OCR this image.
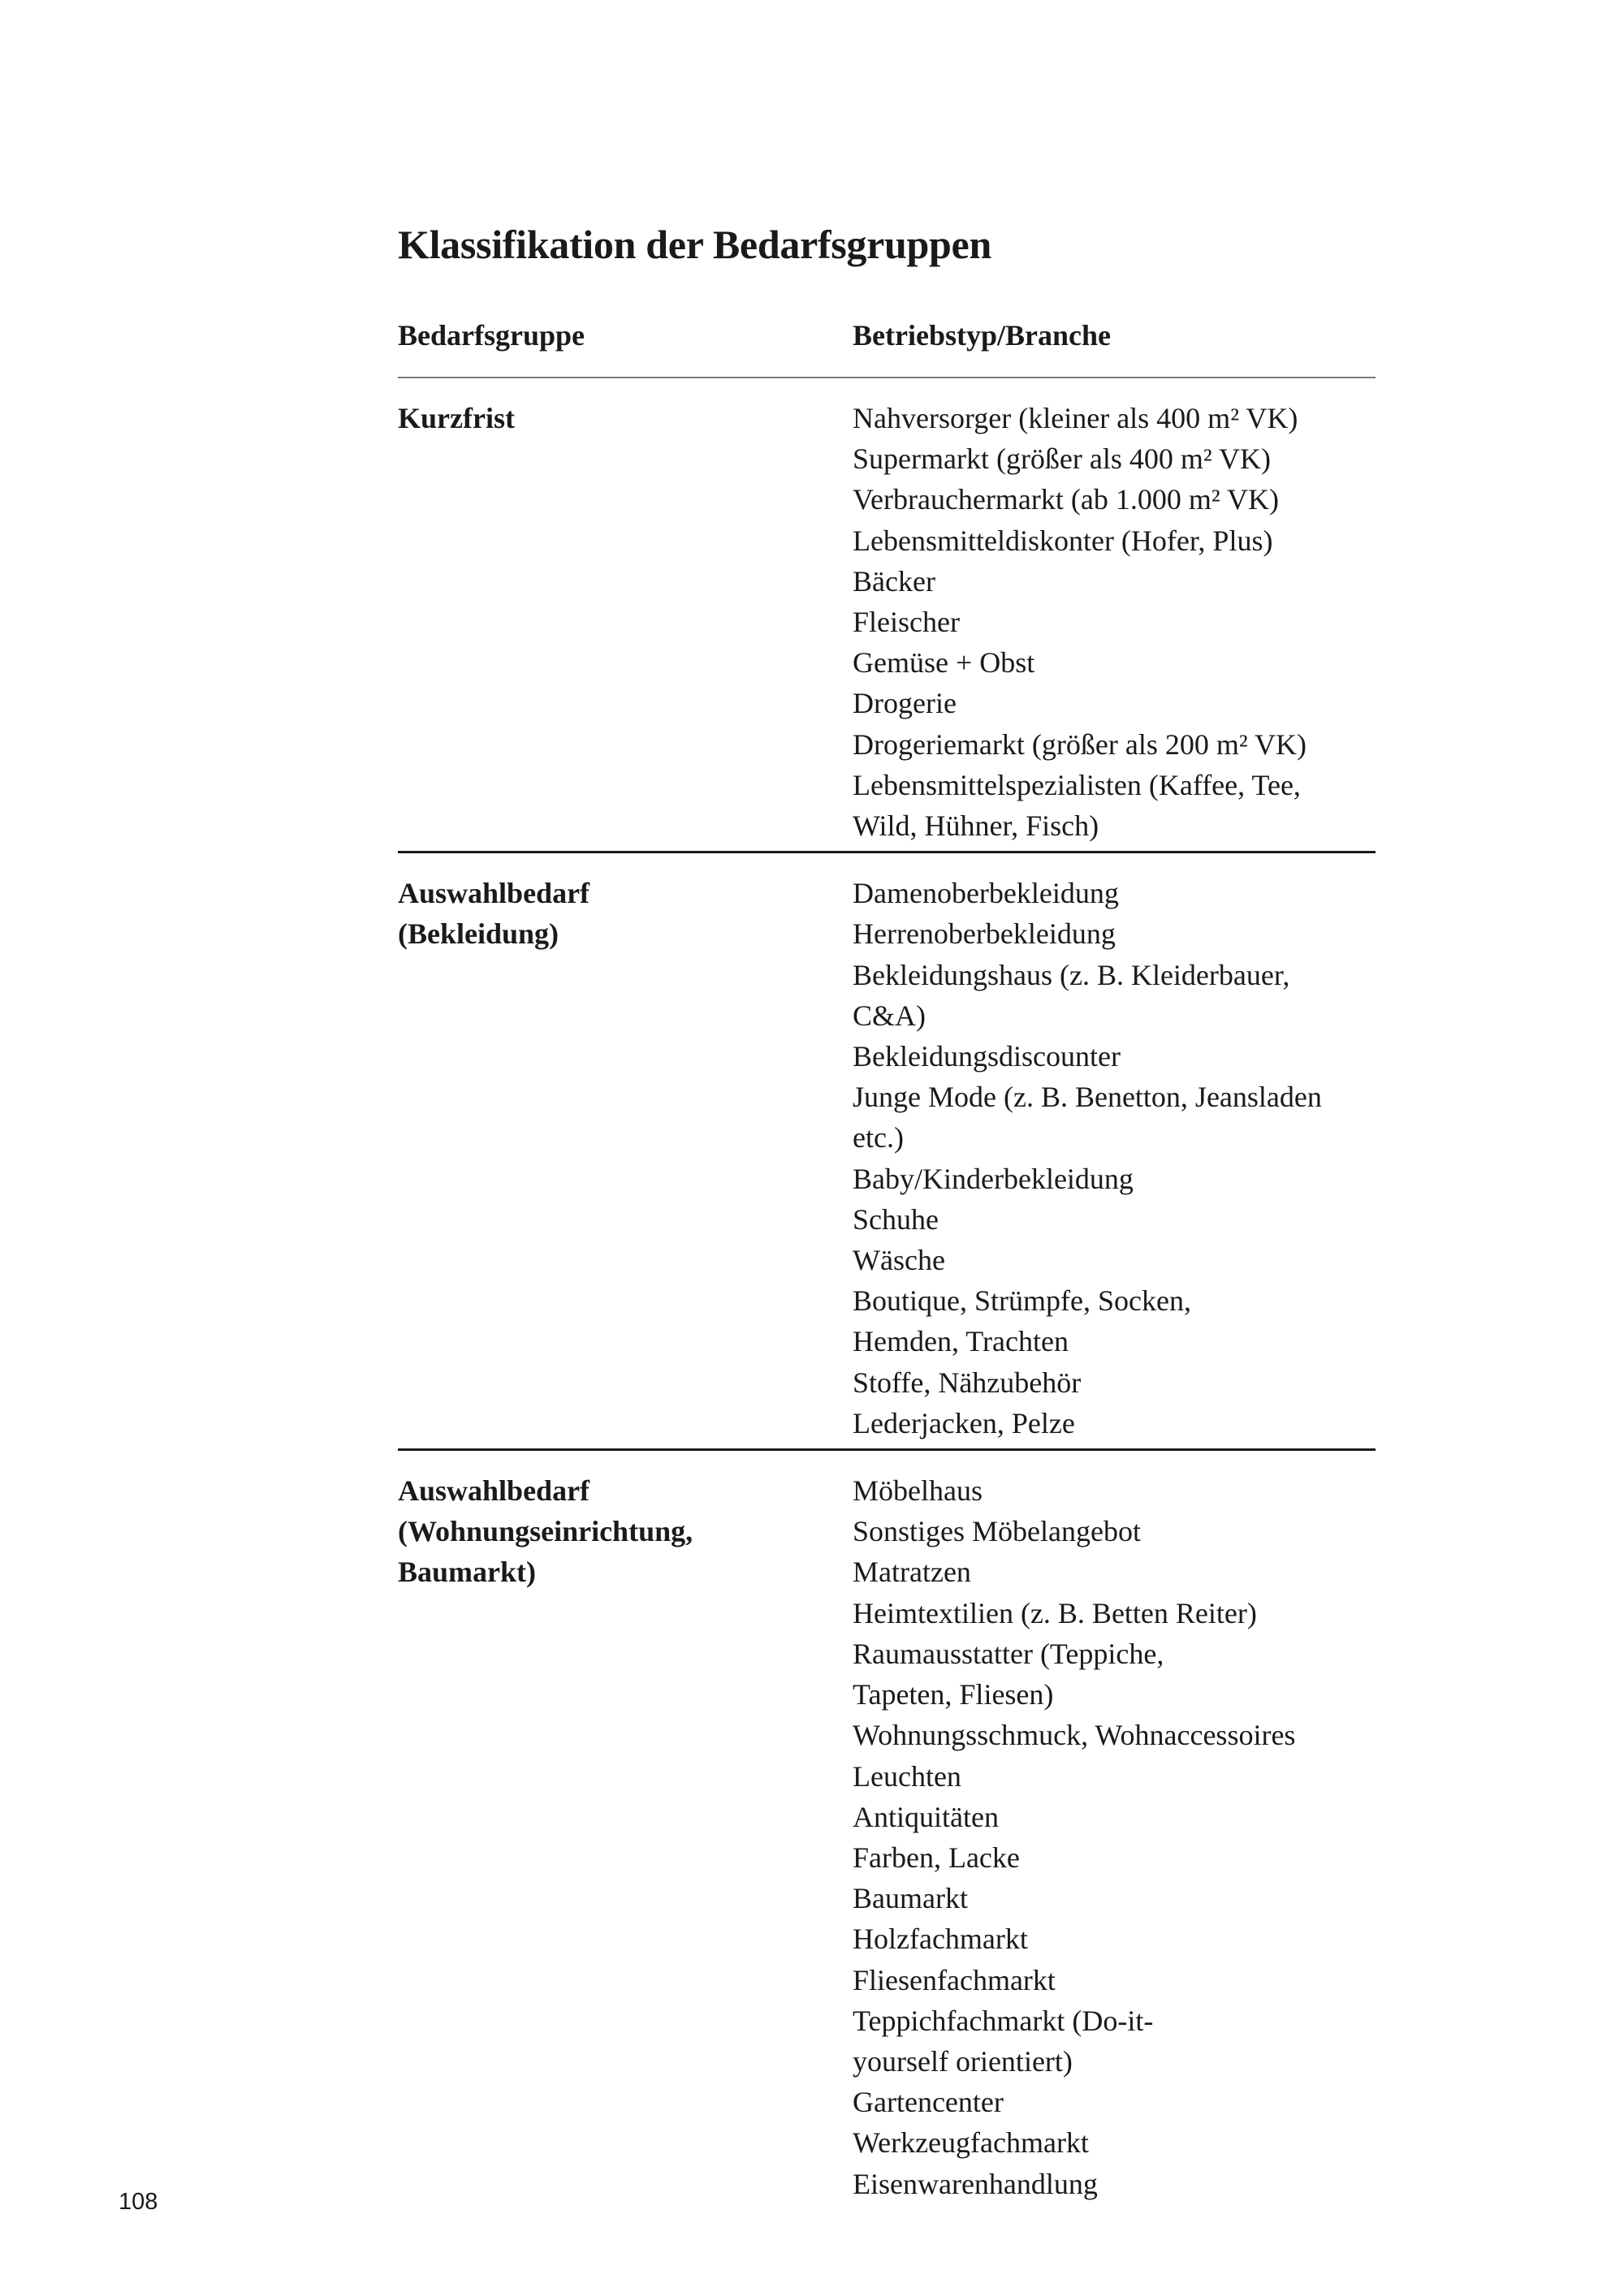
Klassifikation der Bedarfsgruppen
Bedarfsgruppe	Betriebstyp/Branche
Kurzfrist	Nahversorger (kleiner als 400 m² VK)
Supermarkt (größer als 400 m² VK)
Verbrauchermarkt (ab 1.000 m² VK)
Lebensmitteldiskonter (Hofer, Plus)
Bäcker
Fleischer
Gemüse + Obst
Drogerie
Drogeriemarkt (größer als 200 m² VK)
Lebensmittelspezialisten (Kaffee, Tee,
Wild, Hühner, Fisch)
Auswahlbedarf
(Bekleidung)
Damenoberbekleidung
Herrenoberbekleidung
Bekleidungshaus (z. B. Kleiderbauer,
C&A)
Bekleidungsdiscounter
Junge Mode (z. B. Benetton, Jeansladen etc.)
Baby/Kinderbekleidung
Schuhe
Wäsche
Boutique, Strümpfe, Socken,
Hemden, Trachten
Stoffe, Nähzubehör
Lederjacken, Pelze
Auswahlbedarf
(Wohnungseinrichtung,
Baumarkt)
Möbelhaus
Sonstiges Möbelangebot
Matratzen
Heimtextilien (z. B. Betten Reiter)
Raumausstatter (Teppiche,
Tapeten, Fliesen)
Wohnungsschmuck, Wohnaccessoires
Leuchten
Antiquitäten
Farben, Lacke
Baumarkt
Holzfachmarkt
Fliesenfachmarkt
Teppichfachmarkt (Do-it-
yourself orientiert)
Gartencenter
Werkzeugfachmarkt
Eisenwarenhandlung
108
